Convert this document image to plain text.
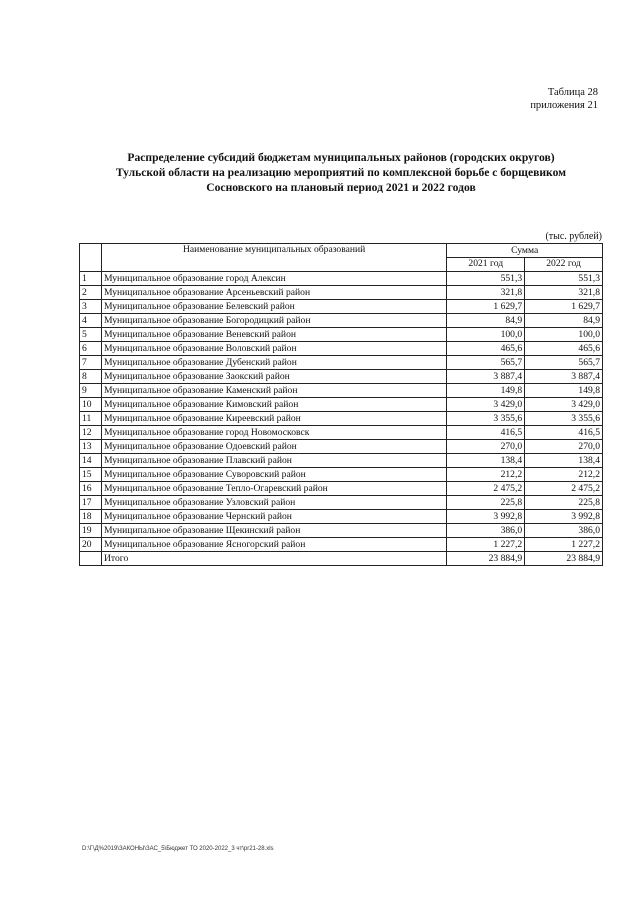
Таблица 28
приложения 21
Распределение субсидий бюджетам муниципальных районов (городских округов)
Тульской области на реализацию мероприятий по комплексной борьбе с борщевиком
Сосновского на плановый период 2021 и 2022 годов
(тыс. рублей)
	Наименование муниципальных образований	Сумма	
		2021 год	2022 год
1	Муниципальное образование город Алексин	551,3	551,3
2	Муниципальное образование Арсеньевский район	321,8	321,8
3	Муниципальное образование Белевский район	1 629,7	1 629,7
4	Муниципальное образование Богородицкий район	84,9	84,9
5	Муниципальное образование Веневский район	100,0	100,0
6	Муниципальное образование Воловский район	465,6	465,6
7	Муниципальное образование Дубенский район	565,7	565,7
8	Муниципальное образование Заокский район	3 887,4	3 887,4
9	Муниципальное образование Каменский район	149,8	149,8
10	Муниципальное образование Кимовский район	3 429,0	3 429,0
11	Муниципальное образование Киреевский район	3 355,6	3 355,6
12	Муниципальное образование город Новомосковск	416,5	416,5
13	Муниципальное образование Одоевский район	270,0	270,0
14	Муниципальное образование Плавский район	138,4	138,4
15	Муниципальное образование Суворовский район	212,2	212,2
16	Муниципальное образование Тепло-Огаревский район	2 475,2	2 475,2
17	Муниципальное образование Узловский район	225,8	225,8
18	Муниципальное образование Чернский район	3 992,8	3 992,8
19	Муниципальное образование Щекинский район	386,0	386,0
20	Муниципальное образование Ясногорский район	1 227,2	1 227,2
	Итого	23 884,9	23 884,9
D:\Г\Д%2019\ЗАКОНЫ\ЗАС_5\Бюджет ТО 2020-2022_3 чт\pr21-28.xls
